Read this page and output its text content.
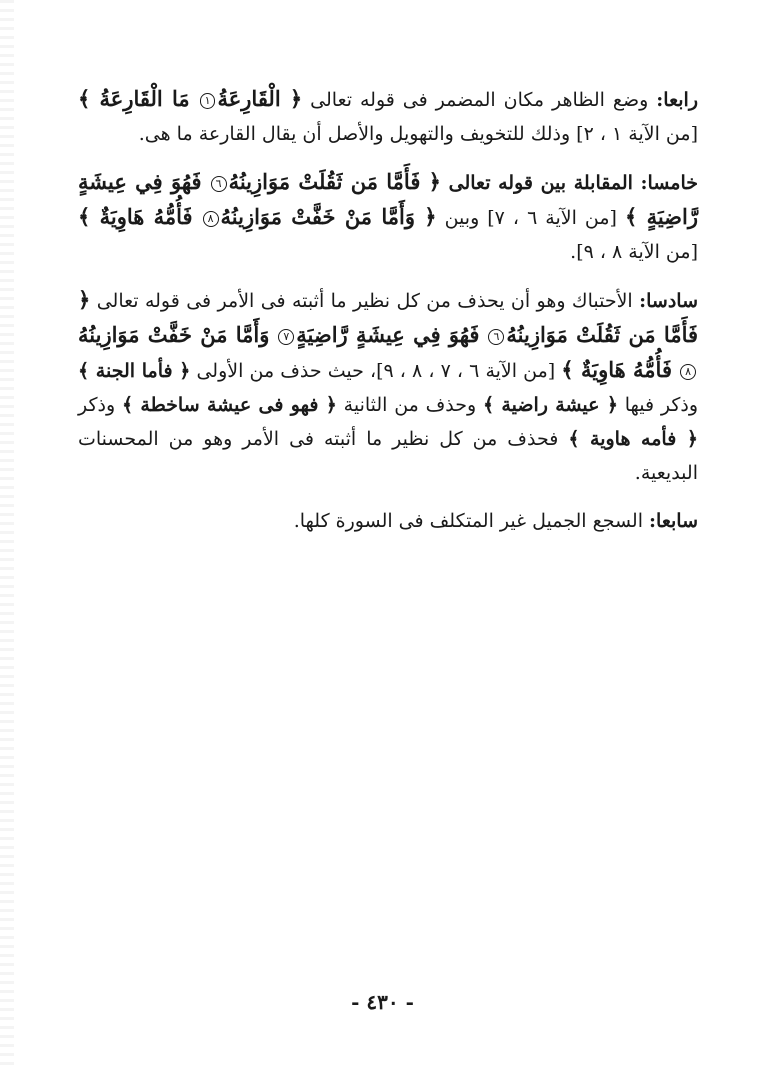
رابعا: وضع الظاهر مكان المضمر فى قوله تعالى ﴿ الْقَارِعَةُ١ مَا الْقَارِعَةُ ﴾ [من الآية ١ ، ٢] وذلك للتخويف والتهويل والأصل أن يقال القارعة ما هى.

خامسا: المقابلة بين قوله تعالى ﴿ فَأَمَّا مَن ثَقُلَتْ مَوَازِينُهُ٦ فَهُوَ فِي عِيشَةٍ رَّاضِيَةٍ ﴾ [من الآية ٦ ، ٧] وبين ﴿ وَأَمَّا مَنْ خَفَّتْ مَوَازِينُهُ٨ فَأُمُّهُ هَاوِيَةٌ ﴾ [من الآية ٨ ، ٩].

سادسا: الأحتباك وهو أن يحذف من كل نظير ما أثبته فى الأمر فى قوله تعالى ﴿ فَأَمَّا مَن ثَقُلَتْ مَوَازِينُهُ٦ فَهُوَ فِي عِيشَةٍ رَّاضِيَةٍ٧ وَأَمَّا مَنْ خَفَّتْ مَوَازِينُهُ٨ فَأُمُّهُ هَاوِيَةٌ ﴾ [من الآية ٦ ، ٧ ، ٨ ، ٩]، حيث حذف من الأولى ﴿ فأما الجنة ﴾ وذكر فيها ﴿ عيشة راضية ﴾ وحذف من الثانية ﴿ فهو فى عيشة ساخطة ﴾ وذكر ﴿ فأمه هاوية ﴾ فحذف من كل نظير ما أثبته فى الأمر وهو من المحسنات البديعية.

سابعا: السجع الجميل غير المتكلف فى السورة كلها.

- ٤٣٠ -
